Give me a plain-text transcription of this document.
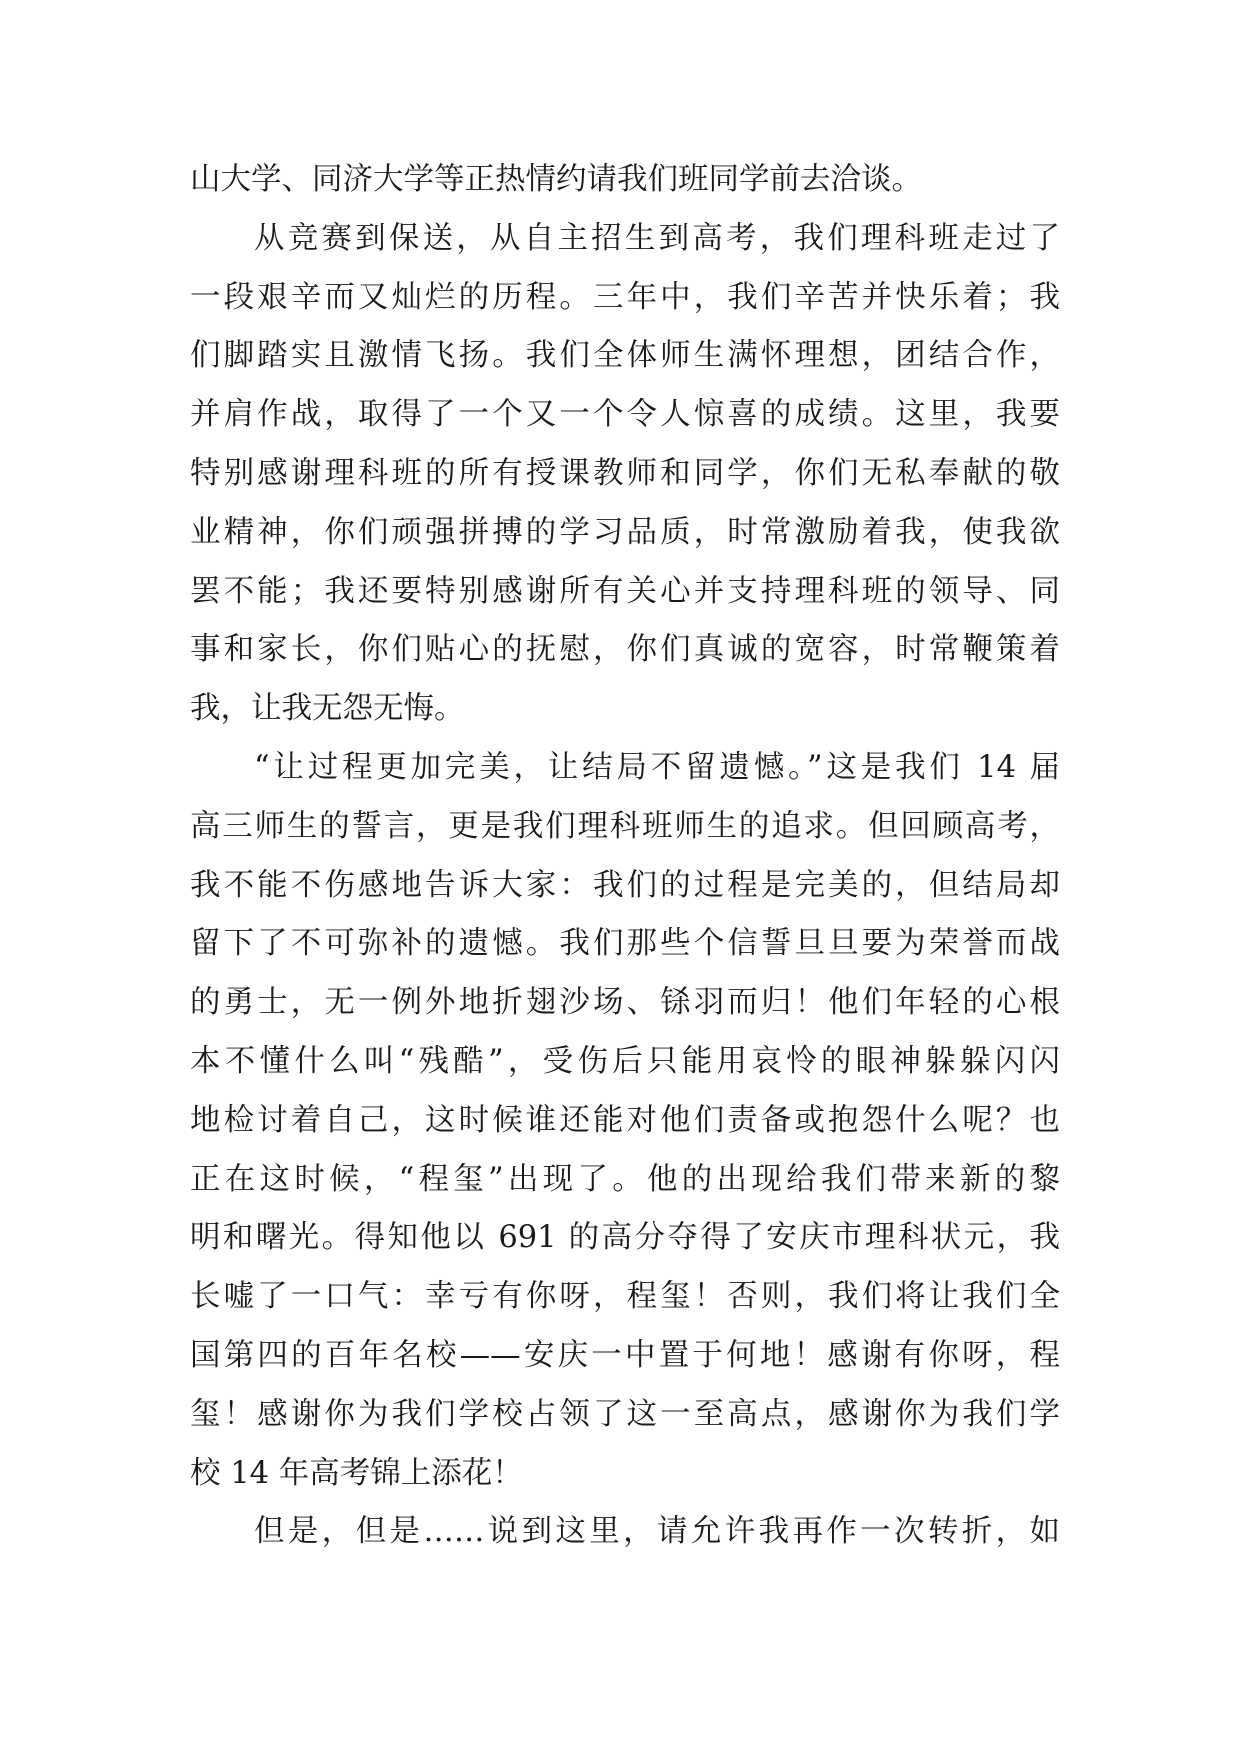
山大学、同济大学等正热情约请我们班同学前去洽谈。
从竞赛到保送，从自主招生到高考，我们理科班走过了
一段艰辛而又灿烂的历程。三年中，我们辛苦并快乐着；我
们脚踏实且激情飞扬。我们全体师生满怀理想，团结合作，
并肩作战，取得了一个又一个令人惊喜的成绩。这里，我要
特别感谢理科班的所有授课教师和同学，你们无私奉献的敬
业精神，你们顽强拼搏的学习品质，时常激励着我，使我欲
罢不能；我还要特别感谢所有关心并支持理科班的领导、同
事和家长，你们贴心的抚慰，你们真诚的宽容，时常鞭策着
我，让我无怨无悔。
“让过程更加完美，让结局不留遗憾。”这是我们 14 届
高三师生的誓言，更是我们理科班师生的追求。但回顾高考，
我不能不伤感地告诉大家：我们的过程是完美的，但结局却
留下了不可弥补的遗憾。我们那些个信誓旦旦要为荣誉而战
的勇士，无一例外地折翅沙场、铩羽而归！他们年轻的心根
本不懂什么叫“残酷”，受伤后只能用哀怜的眼神躲躲闪闪
地检讨着自己，这时候谁还能对他们责备或抱怨什么呢？也
正在这时候，“程玺”出现了。他的出现给我们带来新的黎
明和曙光。得知他以 691 的高分夺得了安庆市理科状元，我
长嘘了一口气：幸亏有你呀，程玺！否则，我们将让我们全
国第四的百年名校——安庆一中置于何地！感谢有你呀，程
玺！感谢你为我们学校占领了这一至高点，感谢你为我们学
校 14 年高考锦上添花！
但是，但是……说到这里，请允许我再作一次转折，如
